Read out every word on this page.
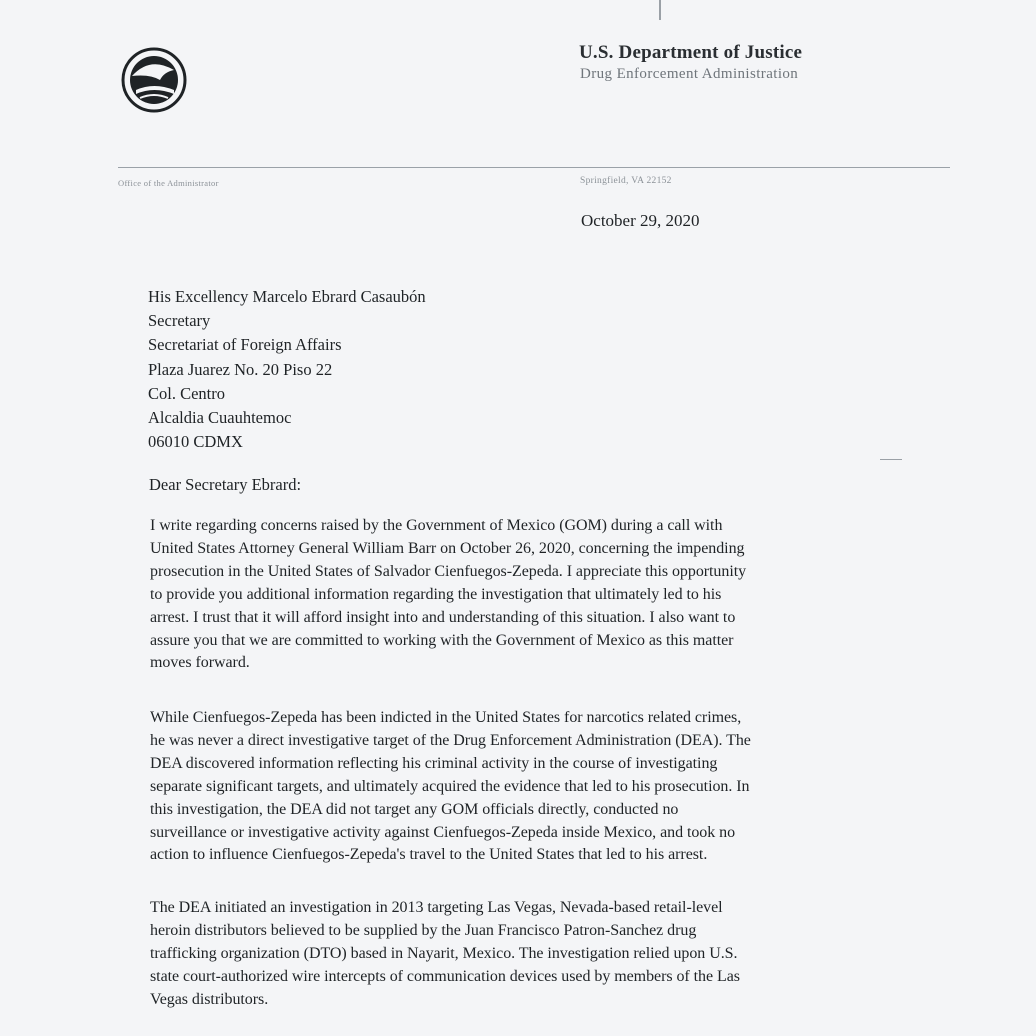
U.S. Department of Justice
Drug Enforcement Administration
Office of the Administrator	Springfield, VA 22152
October 29, 2020
His Excellency Marcelo Ebrard Casaubón
Secretary
Secretariat of Foreign Affairs
Plaza Juarez No. 20 Piso 22
Col. Centro
Alcaldia Cuauhtemoc
06010 CDMX
Dear Secretary Ebrard:
I write regarding concerns raised by the Government of Mexico (GOM) during a call with
United States Attorney General William Barr on October 26, 2020, concerning the impending
prosecution in the United States of Salvador Cienfuegos-Zepeda. I appreciate this opportunity
to provide you additional information regarding the investigation that ultimately led to his
arrest. I trust that it will afford insight into and understanding of this situation. I also want to
assure you that we are committed to working with the Government of Mexico as this matter
moves forward.
While Cienfuegos-Zepeda has been indicted in the United States for narcotics related crimes,
he was never a direct investigative target of the Drug Enforcement Administration (DEA). The
DEA discovered information reflecting his criminal activity in the course of investigating
separate significant targets, and ultimately acquired the evidence that led to his prosecution. In
this investigation, the DEA did not target any GOM officials directly, conducted no
surveillance or investigative activity against Cienfuegos-Zepeda inside Mexico, and took no
action to influence Cienfuegos-Zepeda's travel to the United States that led to his arrest.
The DEA initiated an investigation in 2013 targeting Las Vegas, Nevada-based retail-level
heroin distributors believed to be supplied by the Juan Francisco Patron-Sanchez drug
trafficking organization (DTO) based in Nayarit, Mexico. The investigation relied upon U.S.
state court-authorized wire intercepts of communication devices used by members of the Las
Vegas distributors.
